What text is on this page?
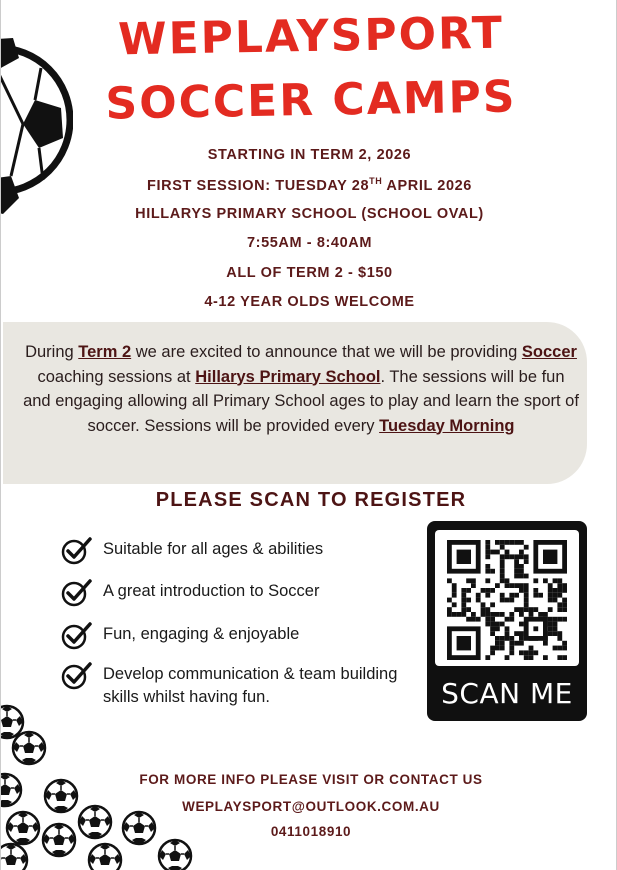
WEPLAYSPORT
SOCCER CAMPS
STARTING IN TERM 2, 2026
FIRST SESSION: TUESDAY 28TH APRIL 2026
HILLARYS PRIMARY SCHOOL (SCHOOL OVAL)
7:55AM - 8:40AM
ALL OF TERM 2 - $150
4-12 YEAR OLDS WELCOME
During Term 2 we are excited to announce that we will be providing Soccer coaching sessions at Hillarys Primary School. The sessions will be fun and engaging allowing all Primary School ages to play and learn the sport of soccer. Sessions will be provided every Tuesday Morning
PLEASE SCAN TO REGISTER
Suitable for all ages & abilities
A great introduction to Soccer
Fun, engaging & enjoyable
Develop communication & team building skills whilst having fun.	SCAN ME
FOR MORE INFO PLEASE VISIT OR CONTACT US
WEPLAYSPORT@OUTLOOK.COM.AU
0411018910
